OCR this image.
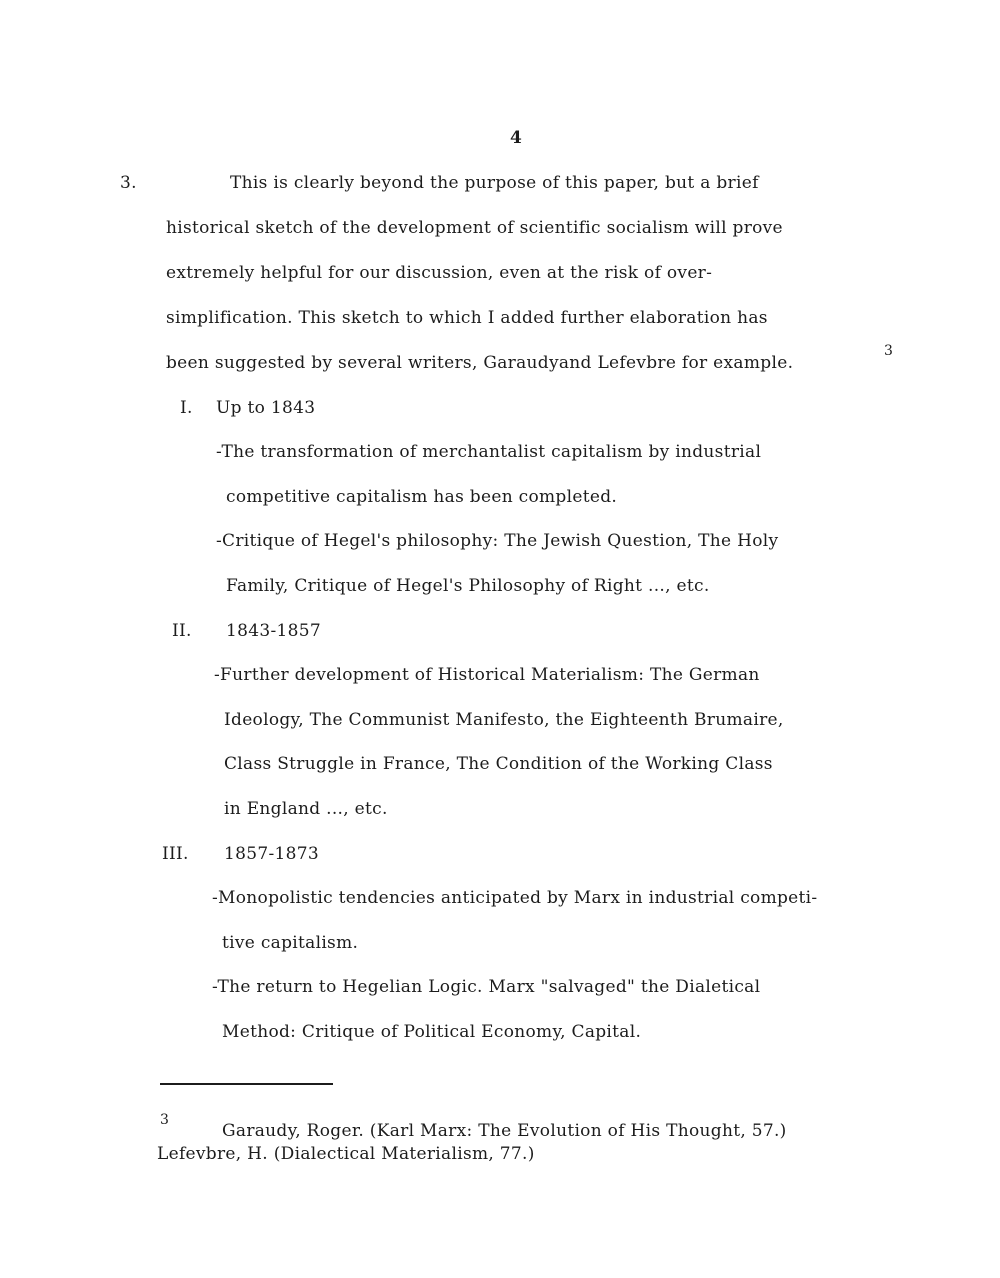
4
3.	This is clearly beyond the purpose of this paper, but a brief
historical sketch of the development of scientific socialism will prove
extremely helpful for our discussion, even at the risk of over-
simplification. This sketch to which I added further elaboration has
been suggested by several writers, Garaudyand Lefevbre for example.
3
I. Up to 1843
-The transformation of merchantalist capitalism by industrial
competitive capitalism has been completed.
-Critique of Hegel's philosophy: The Jewish Question, The Holy
Family, Critique of Hegel's Philosophy of Right ..., etc.
II. 1843-1857
-Further development of Historical Materialism: The German
Ideology, The Communist Manifesto, the Eighteenth Brumaire,
Class Struggle in France, The Condition of the Working Class
in England ..., etc.
III. 1857-1873
-Monopolistic tendencies anticipated by Marx in industrial competi-
tive capitalism.
-The return to Hegelian Logic. Marx "salvaged" the Dialetical
Method: Critique of Political Economy, Capital.
3
Garaudy, Roger. (Karl Marx: The Evolution of His Thought, 57.)
Lefevbre, H. (Dialectical Materialism, 77.)
